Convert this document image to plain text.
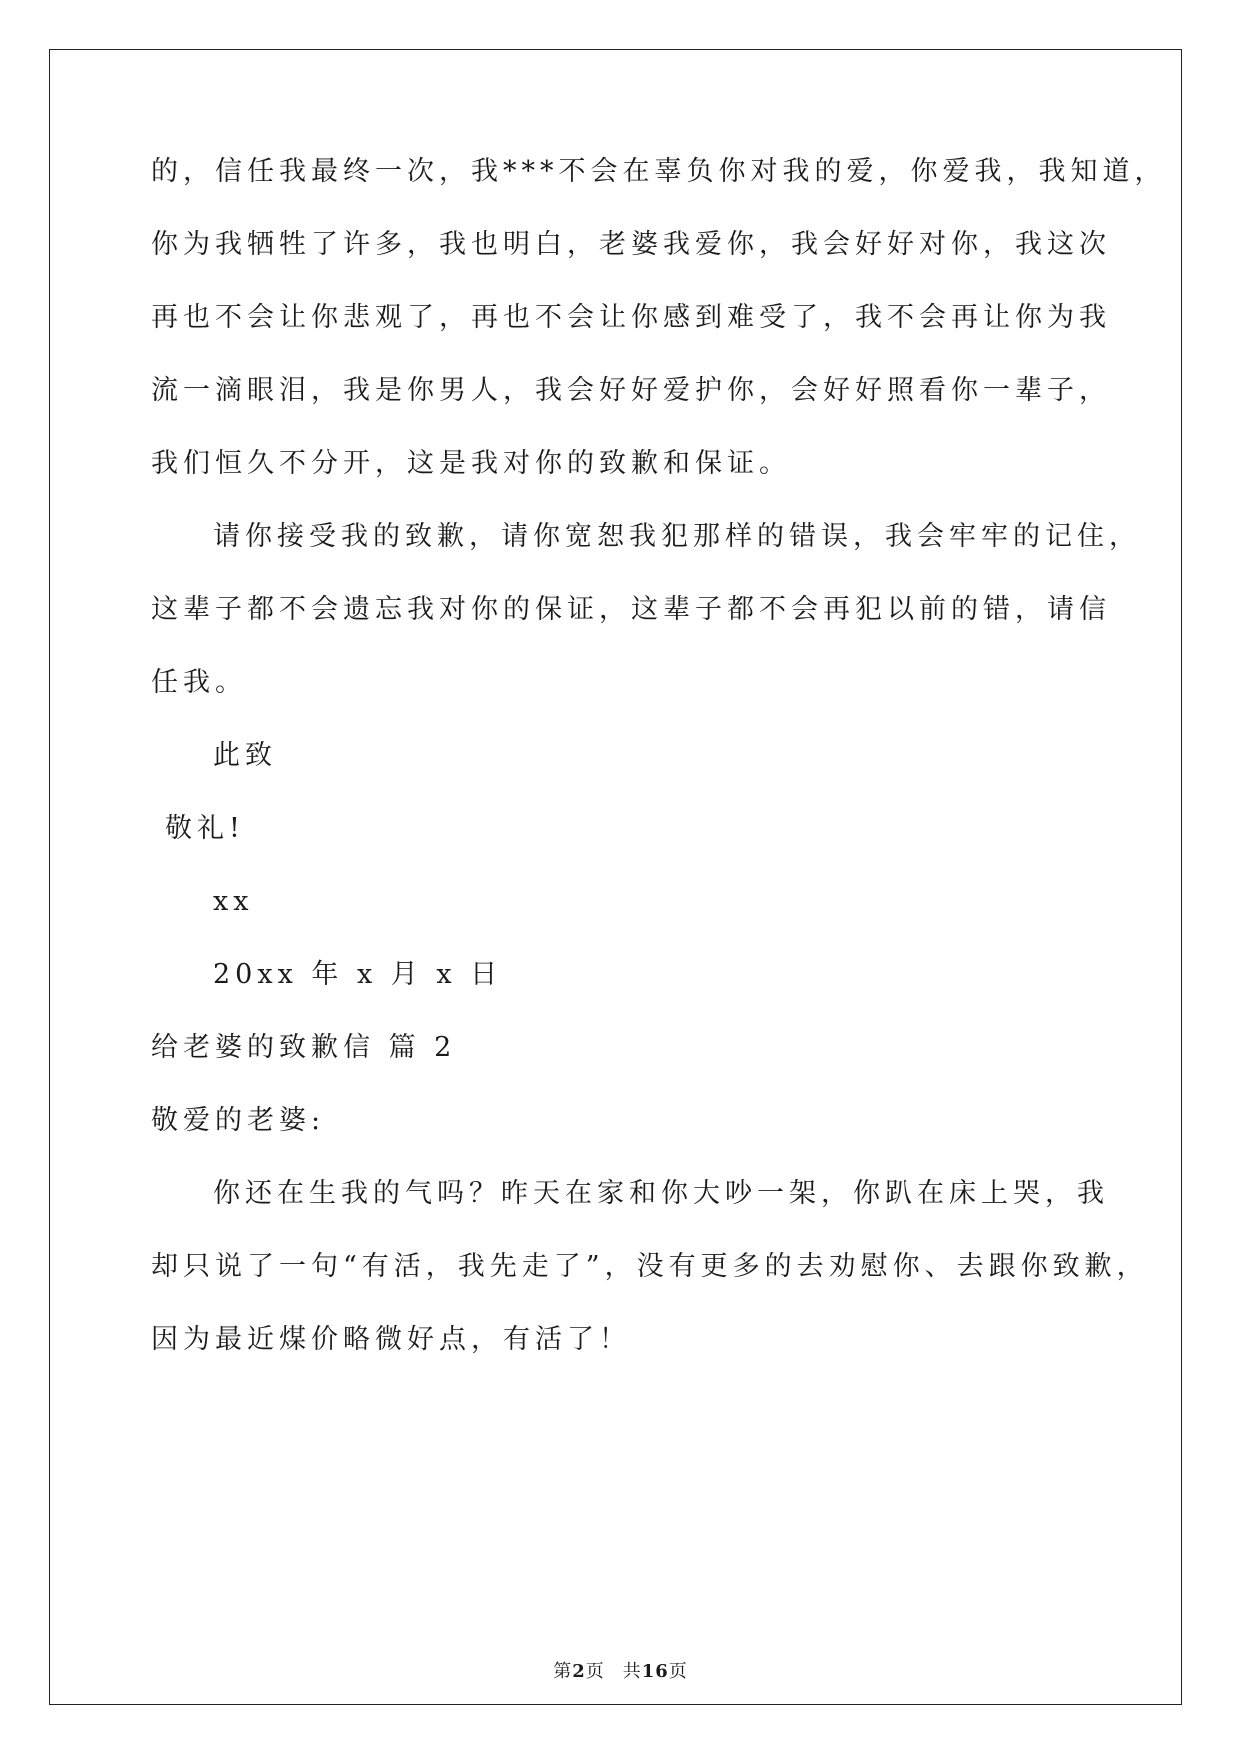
的，信任我最终一次，我***不会在辜负你对我的爱，你爱我，我知道，
你为我牺牲了许多，我也明白，老婆我爱你，我会好好对你，我这次
再也不会让你悲观了，再也不会让你感到难受了，我不会再让你为我
流一滴眼泪，我是你男人，我会好好爱护你，会好好照看你一辈子，
我们恒久不分开，这是我对你的致歉和保证。
请你接受我的致歉，请你宽恕我犯那样的错误，我会牢牢的记住，
这辈子都不会遗忘我对你的保证，这辈子都不会再犯以前的错，请信
任我。
此致
敬礼!
xx
20xx 年 x 月 x 日
给老婆的致歉信 篇 2
敬爱的老婆:
你还在生我的气吗？昨天在家和你大吵一架，你趴在床上哭，我
却只说了一句“有活，我先走了”，没有更多的去劝慰你、去跟你致歉，
因为最近煤价略微好点，有活了！
第2页 共16页
